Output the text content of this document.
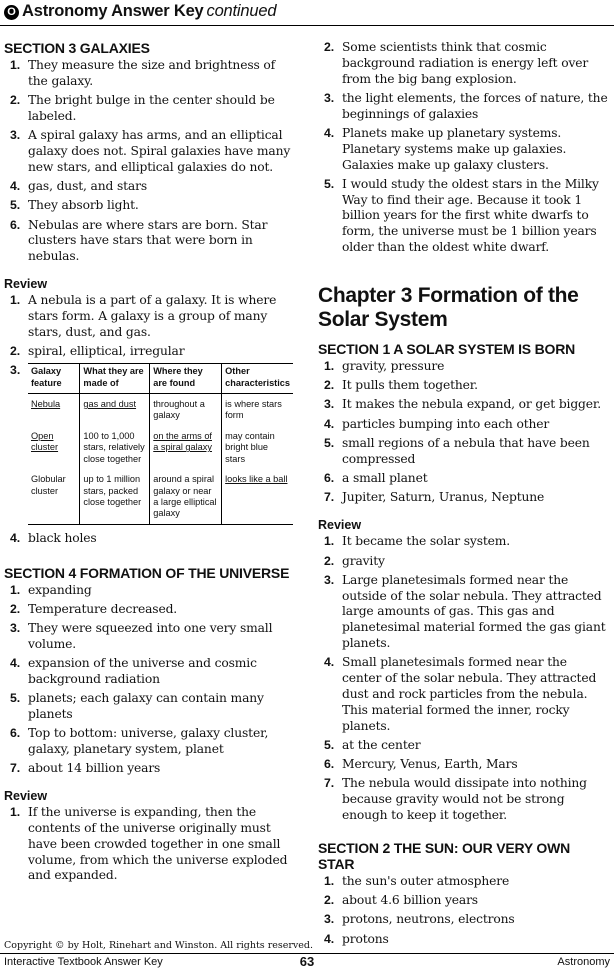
O Astronomy Answer Key continued
SECTION 3 GALAXIES
1. They measure the size and brightness of the galaxy.
2. The bright bulge in the center should be labeled.
3. A spiral galaxy has arms, and an elliptical galaxy does not. Spiral galaxies have many new stars, and elliptical galaxies do not.
4. gas, dust, and stars
5. They absorb light.
6. Nebulas are where stars are born. Star clusters have stars that were born in nebulas.
Review
1. A nebula is a part of a galaxy. It is where stars form. A galaxy is a group of many stars, dust, and gas.
2. spiral, elliptical, irregular
3. Galaxy feature	What they are made of	Where they are found	Other characteristics
Nebula	gas and dust	throughout a galaxy	is where stars form
Open cluster	100 to 1,000 stars, relatively close together	on the arms of a spiral galaxy	may contain bright blue stars
Globular cluster	up to 1 million stars, packed close together	around a spiral galaxy or near a large elliptical galaxy	looks like a ball
4. black holes
SECTION 4 FORMATION OF THE UNIVERSE
1. expanding
2. Temperature decreased.
3. They were squeezed into one very small volume.
4. expansion of the universe and cosmic background radiation
5. planets; each galaxy can contain many planets
6. Top to bottom: universe, galaxy cluster, galaxy, planetary system, planet
7. about 14 billion years
Review
1. If the universe is expanding, then the contents of the universe originally must have been crowded together in one small volume, from which the universe exploded and expanded.
2. Some scientists think that cosmic background radiation is energy left over from the big bang explosion.
3. the light elements, the forces of nature, the beginnings of galaxies
4. Planets make up planetary systems. Planetary systems make up galaxies. Galaxies make up galaxy clusters.
5. I would study the oldest stars in the Milky Way to find their age. Because it took 1 billion years for the first white dwarfs to form, the universe must be 1 billion years older than the oldest white dwarf.
Chapter 3 Formation of the Solar System
SECTION 1 A SOLAR SYSTEM IS BORN
1. gravity, pressure
2. It pulls them together.
3. It makes the nebula expand, or get bigger.
4. particles bumping into each other
5. small regions of a nebula that have been compressed
6. a small planet
7. Jupiter, Saturn, Uranus, Neptune
Review
1. It became the solar system.
2. gravity
3. Large planetesimals formed near the outside of the solar nebula. They attracted large amounts of gas. This gas and planetesimal material formed the gas giant planets.
4. Small planetesimals formed near the center of the solar nebula. They attracted dust and rock particles from the nebula. This material formed the inner, rocky planets.
5. at the center
6. Mercury, Venus, Earth, Mars
7. The nebula would dissipate into nothing because gravity would not be strong enough to keep it together.
SECTION 2 THE SUN: OUR VERY OWN STAR
1. the sun's outer atmosphere
2. about 4.6 billion years
3. protons, neutrons, electrons
4. protons
Copyright © by Holt, Rinehart and Winston. All rights reserved.
Interactive Textbook Answer Key	63	Astronomy
